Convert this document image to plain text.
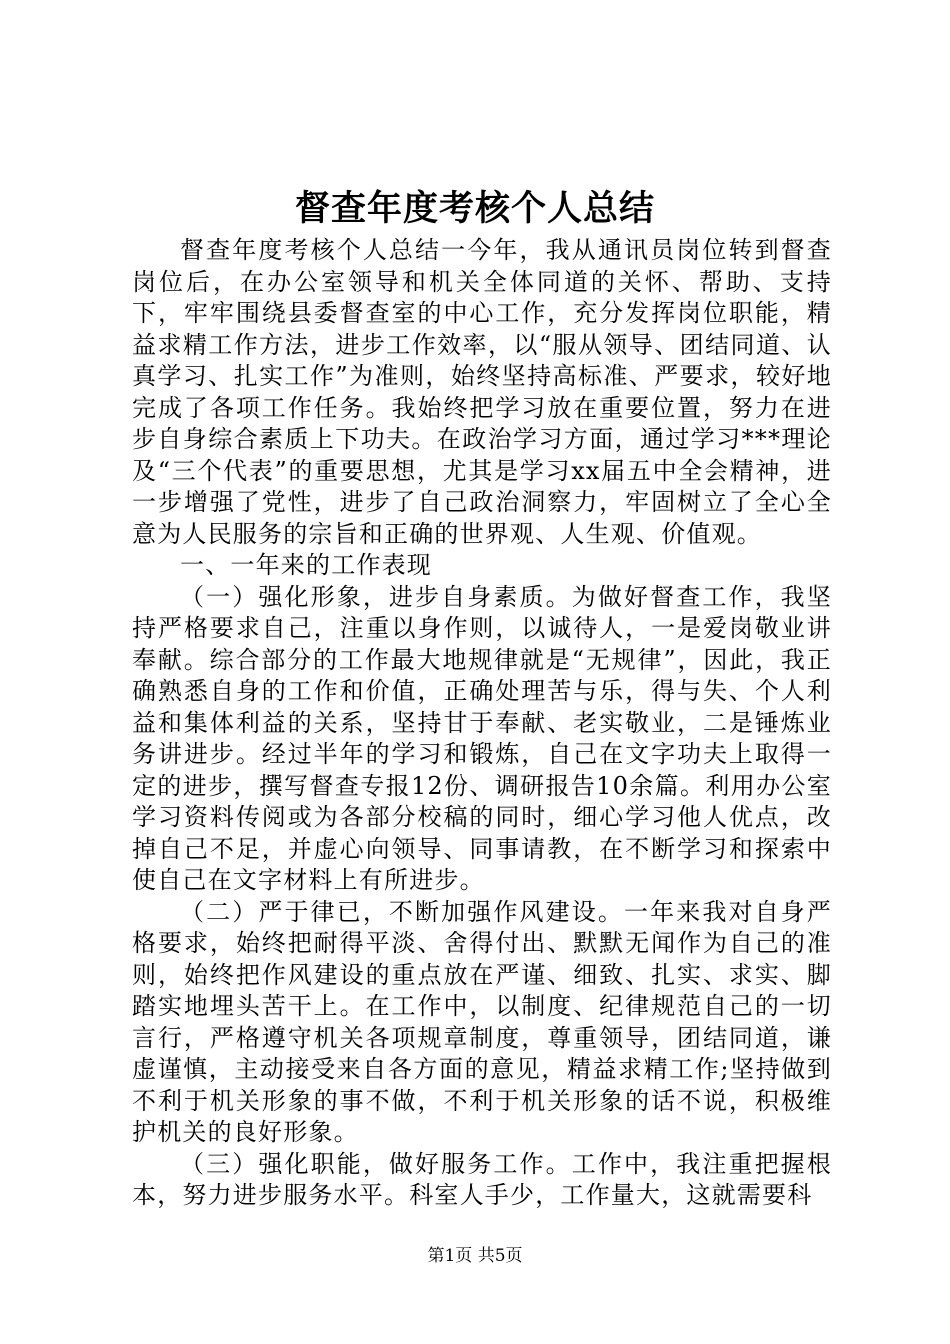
督查年度考核个人总结

督查年度考核个人总结一今年，我从通讯员岗位转到督查岗位后，在办公室领导和机关全体同道的关怀、帮助、支持下，牢牢围绕县委督查室的中心工作，充分发挥岗位职能，精益求精工作方法，进步工作效率，以“服从领导、团结同道、认真学习、扎实工作”为准则，始终坚持高标准、严要求，较好地完成了各项工作任务。我始终把学习放在重要位置，努力在进步自身综合素质上下功夫。在政治学习方面，通过学习***理论及“三个代表”的重要思想，尤其是学习xx届五中全会精神，进一步增强了党性，进步了自己政治洞察力，牢固树立了全心全意为人民服务的宗旨和正确的世界观、人生观、价值观。

一、一年来的工作表现

（一）强化形象，进步自身素质。为做好督查工作，我坚持严格要求自己，注重以身作则，以诚待人，一是爱岗敬业讲奉献。综合部分的工作最大地规律就是“无规律”，因此，我正确熟悉自身的工作和价值，正确处理苦与乐，得与失、个人利益和集体利益的关系，坚持甘于奉献、老实敬业，二是锤炼业务讲进步。经过半年的学习和锻炼，自己在文字功夫上取得一定的进步，撰写督查专报12份、调研报告10余篇。利用办公室学习资料传阅或为各部分校稿的同时，细心学习他人优点，改掉自己不足，并虚心向领导、同事请教，在不断学习和探索中使自己在文字材料上有所进步。

（二）严于律已，不断加强作风建设。一年来我对自身严格要求，始终把耐得平淡、舍得付出、默默无闻作为自己的准则，始终把作风建设的重点放在严谨、细致、扎实、求实、脚踏实地埋头苦干上。在工作中，以制度、纪律规范自己的一切言行，严格遵守机关各项规章制度，尊重领导，团结同道，谦虚谨慎，主动接受来自各方面的意见，精益求精工作;坚持做到不利于机关形象的事不做，不利于机关形象的话不说，积极维护机关的良好形象。

（三）强化职能，做好服务工作。工作中，我注重把握根本，努力进步服务水平。科室人手少，工作量大，这就需要科

第1页 共5页
